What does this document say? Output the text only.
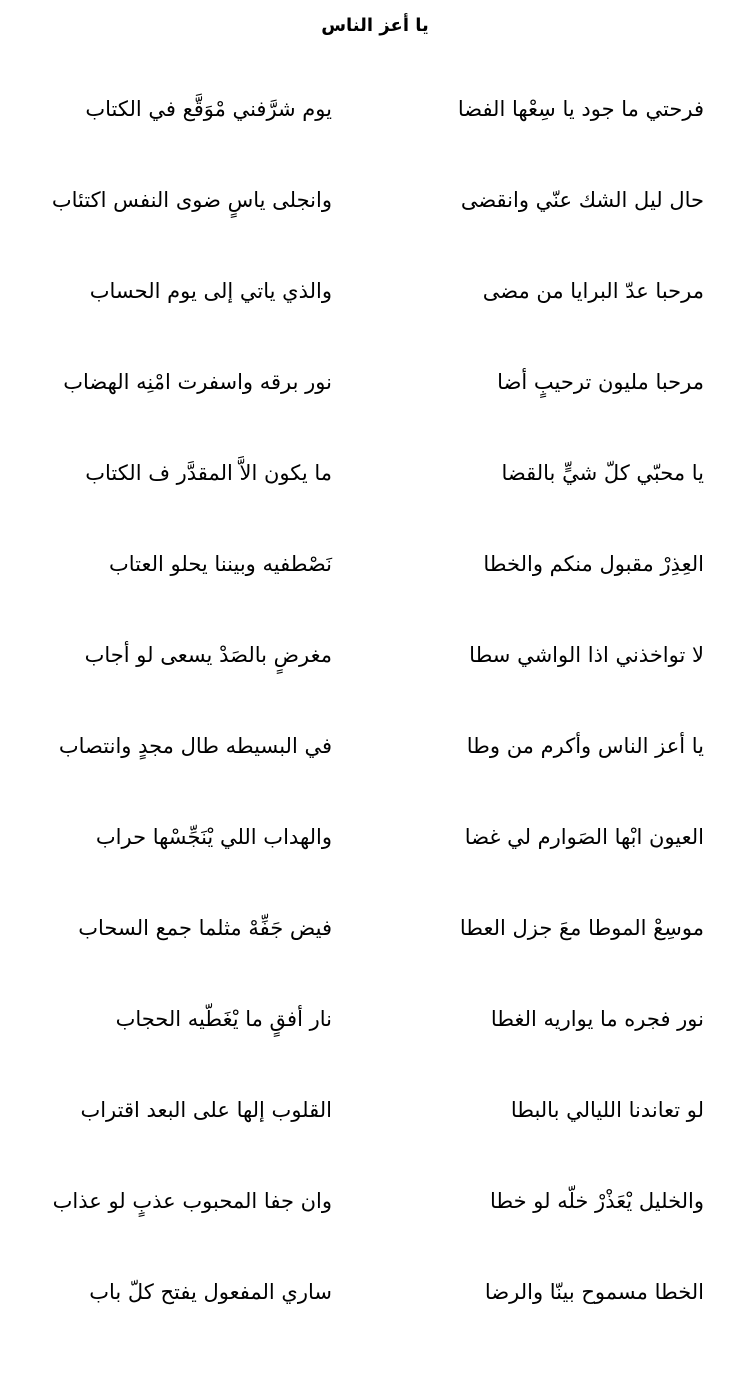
يا أعز الناس
فرحتي ما جود يا سِعْها الفضا
يوم شرَّفني مْوَقَّع في الكتاب
حال ليل الشك عنّي وانقضى
وانجلى ياسٍ ضوى النفس اكتئاب
مرحبا عدّ البرايا من مضى
والذي ياتي إلى يوم الحساب
مرحبا مليون ترحيبٍ أضا
نور برقه واسفرت امْنِه الهضاب
يا محبّي كلّ شيٍّ بالقضا
ما يكون الاَّ المقدَّر ف الكتاب
العِذِرْ مقبول منكم والخطا
نَصْطفيه وبيننا يحلو العتاب
لا تواخذني اذا الواشي سطا
مغرضٍ بالصَدْ يسعى لو أجاب
يا أعز الناس وأكرم من وطا
في البسيطه طال مجدٍ وانتصاب
العيون ابْها الصَوارم لي غضا
والهداب اللي يْنَجِّسْها حراب
موسِعْ الموطا معَ جزل العطا
فيض جَفِّهْ مثلما جمع السحاب
نور فجره ما يواريه الغطا
نار أفقٍ ما يْغَطّيه الحجاب
لو تعاندنا الليالي بالبطا
القلوب إلها على البعد اقتراب
والخليل يْعَذْرْ خلّه لو خطا
وان جفا المحبوب عذبٍ لو عذاب
الخطا مسموح بينّا والرضا
ساري المفعول يفتح كلّ باب
